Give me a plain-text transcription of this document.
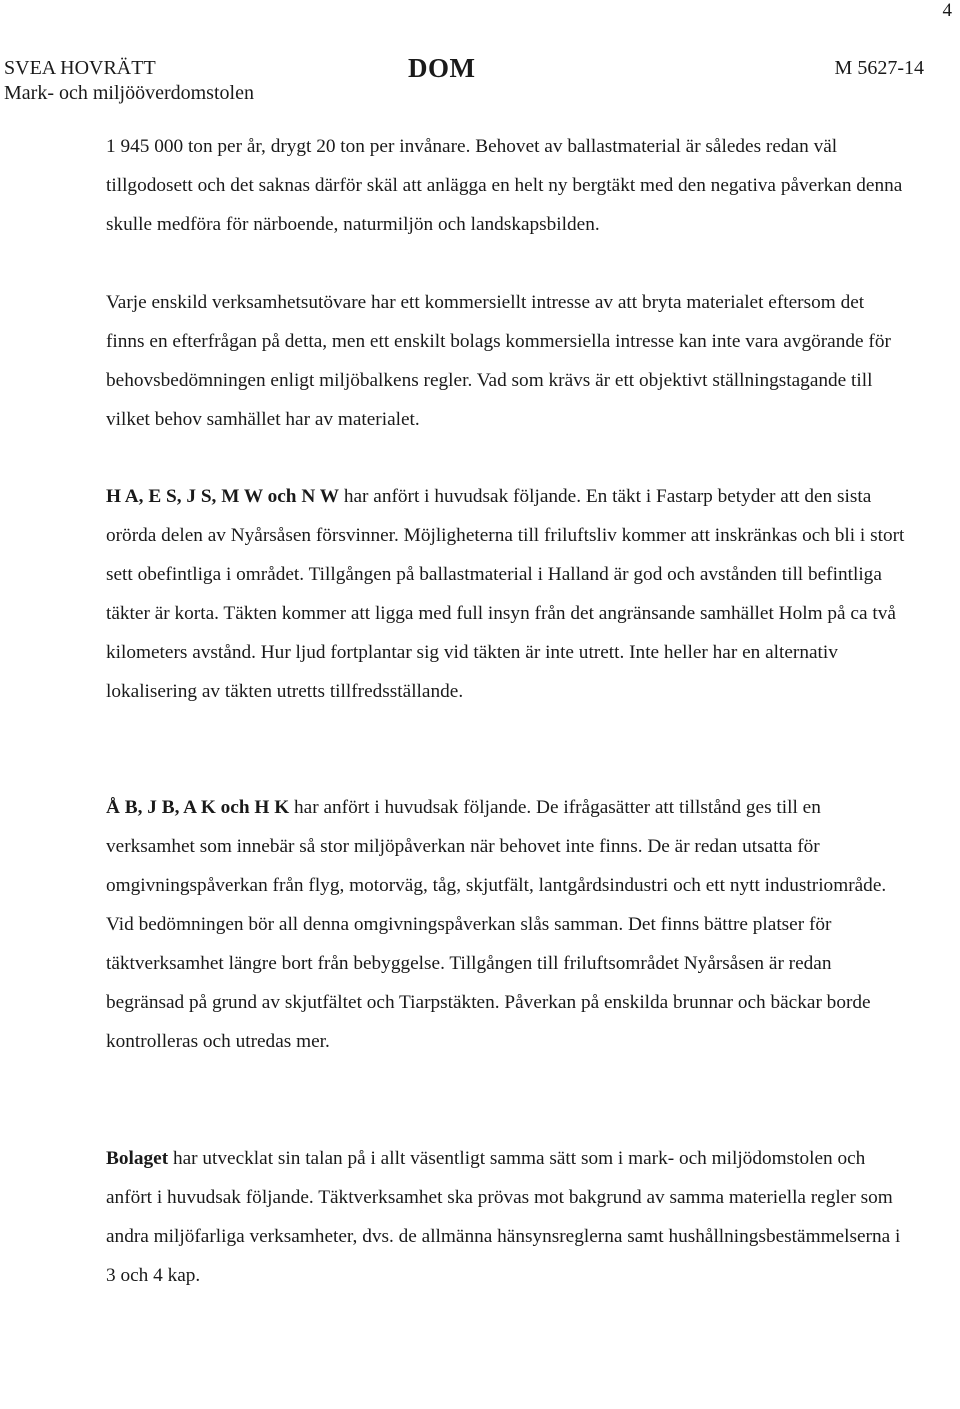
4
SVEA HOVRÄTT
Mark- och miljööverdomstolen
DOM	M 5627-14

1 945 000 ton per år, drygt 20 ton per invånare. Behovet av ballastmaterial är således redan väl tillgodosett och det saknas därför skäl att anlägga en helt ny bergtäkt med den negativa påverkan denna skulle medföra för närboende, naturmiljön och landskapsbilden.

Varje enskild verksamhetsutövare har ett kommersiellt intresse av att bryta materialet eftersom det finns en efterfrågan på detta, men ett enskilt bolags kommersiella intresse kan inte vara avgörande för behovsbedömningen enligt miljöbalkens regler. Vad som krävs är ett objektivt ställningstagande till vilket behov samhället har av materialet.

H A, E S, J S, M W och N W har anfört i huvudsak följande. En täkt i Fastarp betyder att den sista orörda delen av Nyårsåsen försvinner. Möjligheterna till friluftsliv kommer att inskränkas och bli i stort sett obefintliga i området. Tillgången på ballastmaterial i Halland är god och avstånden till befintliga täkter är korta. Täkten kommer att ligga med full insyn från det angränsande samhället Holm på ca två kilometers avstånd. Hur ljud fortplantar sig vid täkten är inte utrett. Inte heller har en alternativ lokalisering av täkten utretts tillfredsställande.

Å B, J B, A K och H K har anfört i huvudsak följande. De ifrågasätter att tillstånd ges till en verksamhet som innebär så stor miljöpåverkan när behovet inte finns. De är redan utsatta för omgivningspåverkan från flyg, motorväg, tåg, skjutfält, lantgårdsindustri och ett nytt industriområde. Vid bedömningen bör all denna omgivningspåverkan slås samman. Det finns bättre platser för täktverksamhet längre bort från bebyggelse. Tillgången till friluftsområdet Nyårsåsen är redan begränsad på grund av skjutfältet och Tiarpstäkten. Påverkan på enskilda brunnar och bäckar borde kontrolleras och utredas mer.

Bolaget har utvecklat sin talan på i allt väsentligt samma sätt som i mark- och miljödomstolen och anfört i huvudsak följande. Täktverksamhet ska prövas mot bakgrund av samma materiella regler som andra miljöfarliga verksamheter, dvs. de allmänna hänsynsreglerna samt hushållningsbestämmelserna i 3 och 4 kap.
